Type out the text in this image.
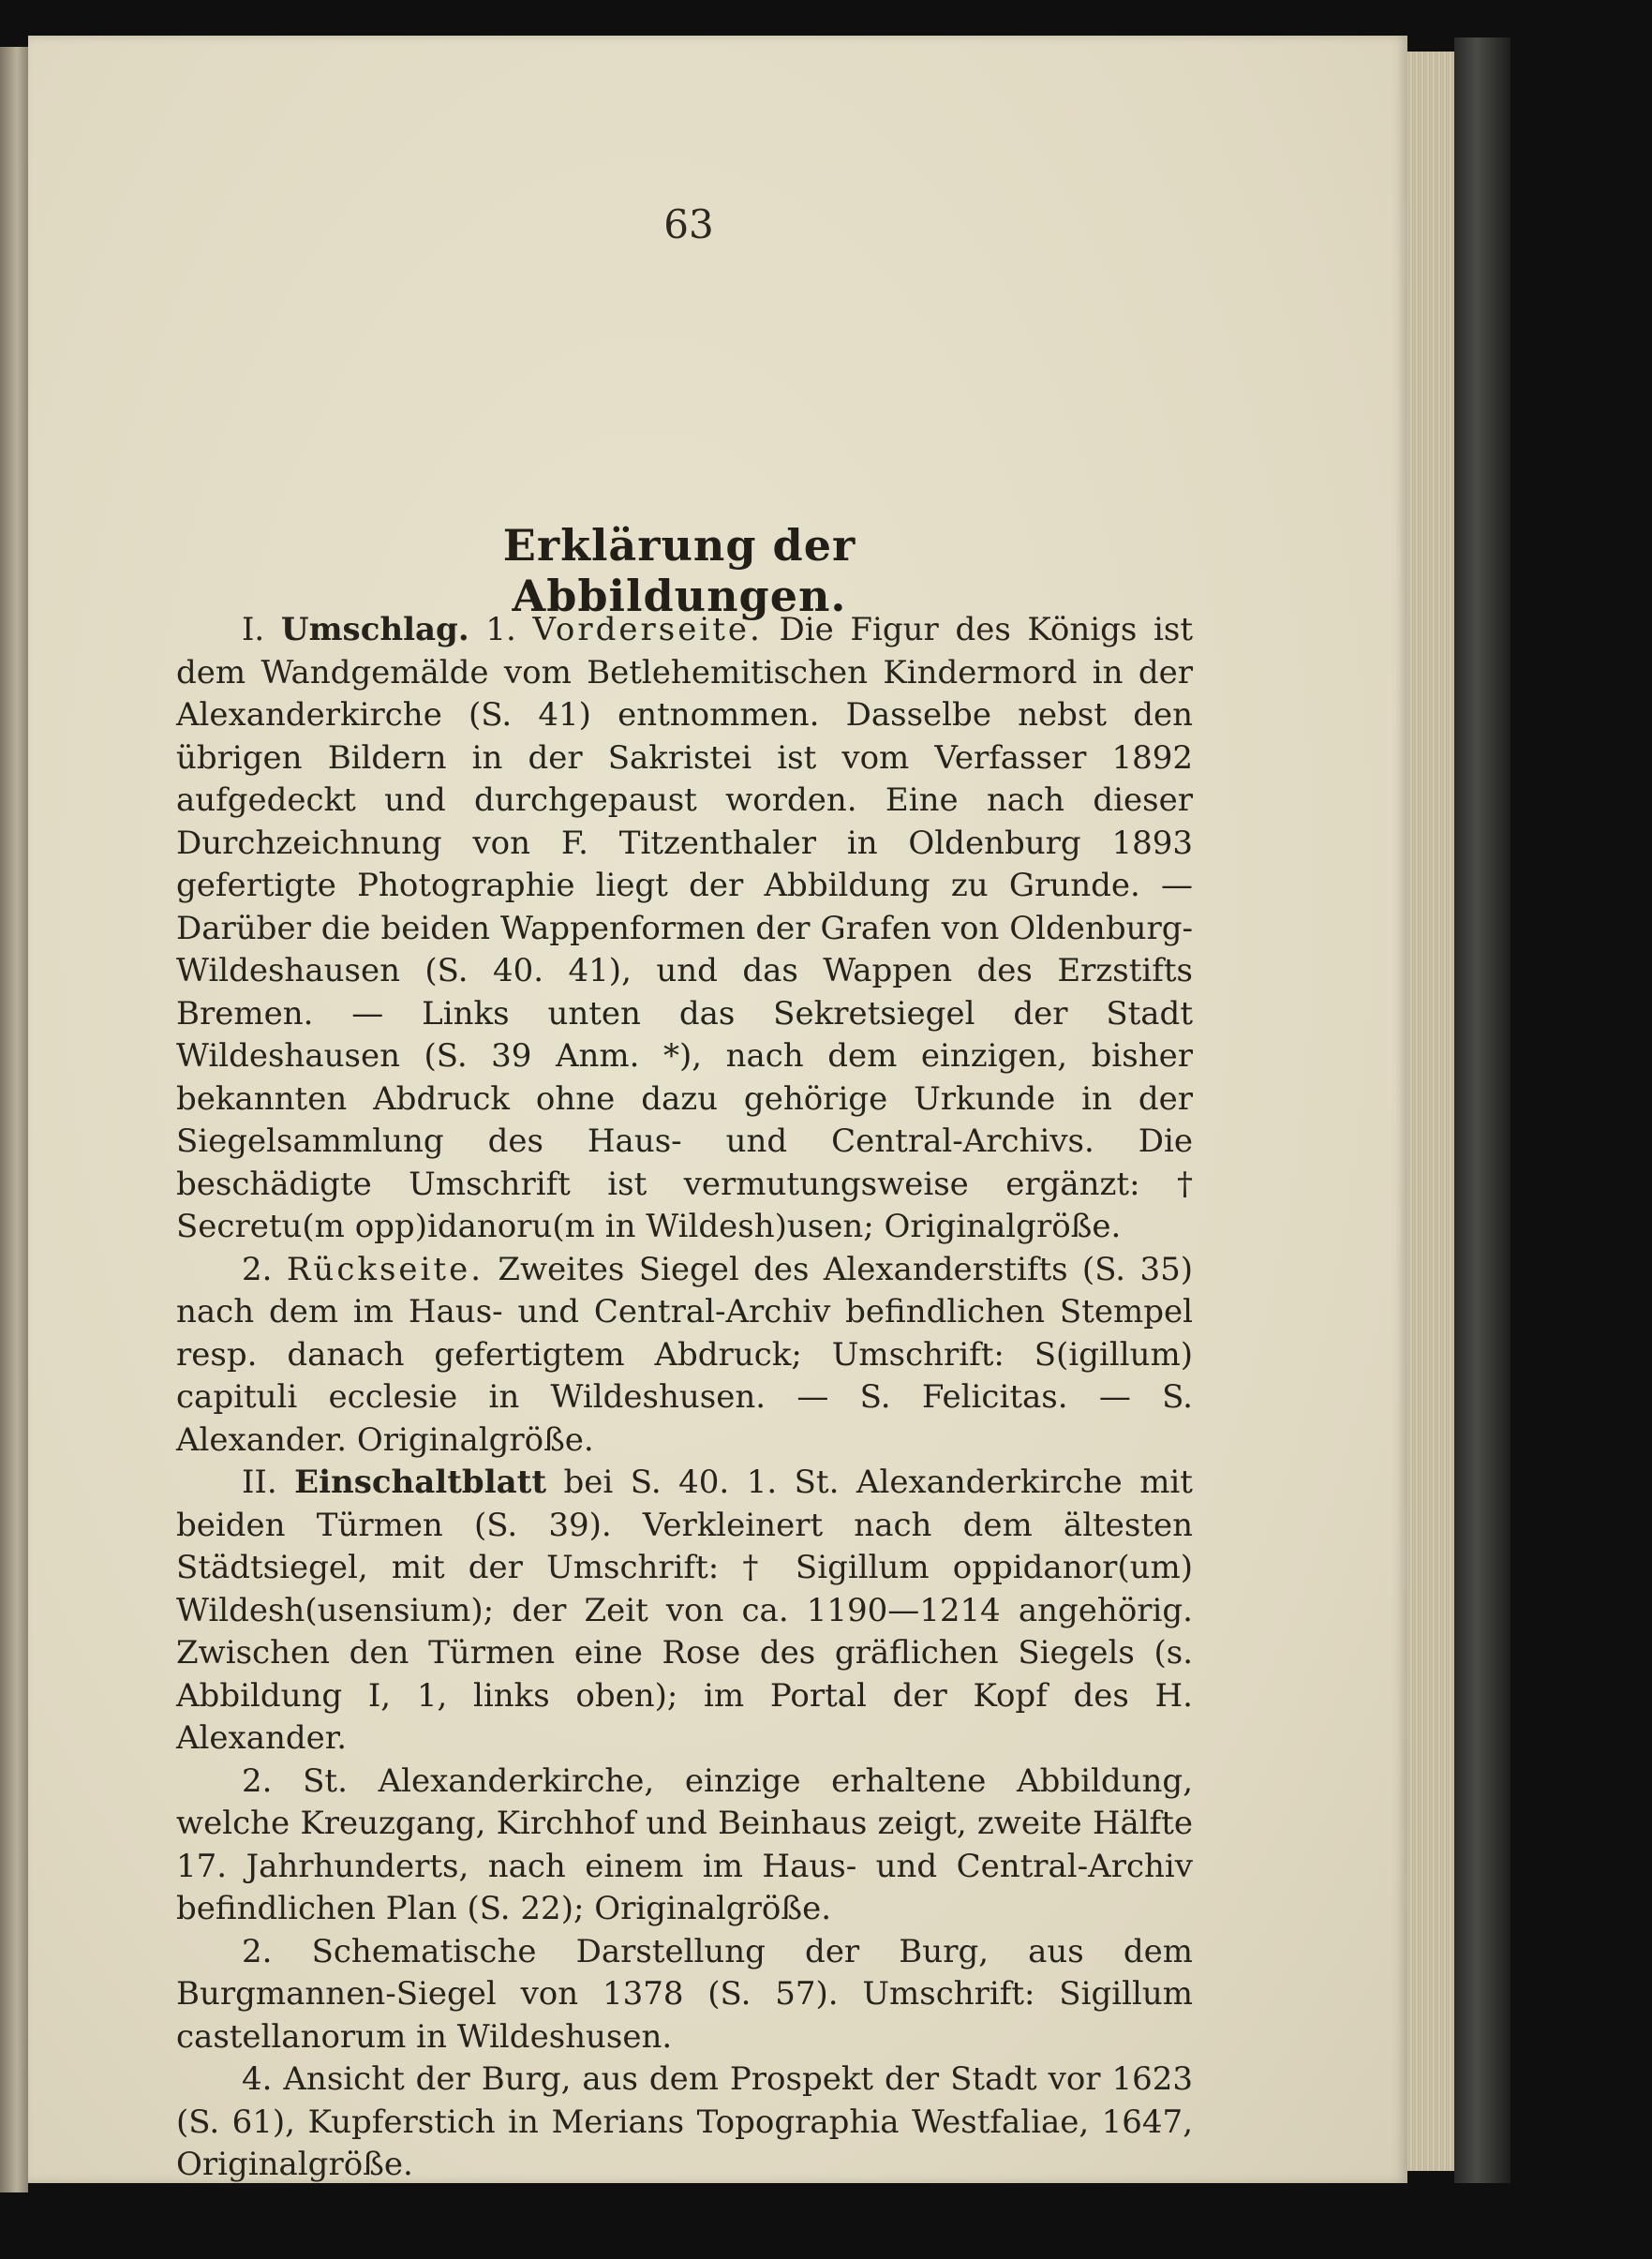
63
Erklärung der Abbildungen.

I. Umschlag. 1. Vorderseite. Die Figur des Königs ist dem Wandgemälde vom Betlehemitischen Kindermord in der Alexanderkirche (S. 41) entnommen. Dasselbe nebst den übrigen Bildern in der Sakristei ist vom Verfasser 1892 aufgedeckt und durchgepaust worden. Eine nach dieser Durchzeichnung von F. Titzenthaler in Oldenburg 1893 gefertigte Photographie liegt der Abbildung zu Grunde. — Darüber die beiden Wappenformen der Grafen von Oldenburg-Wildeshausen (S. 40. 41), und das Wappen des Erzstifts Bremen. — Links unten das Sekretsiegel der Stadt Wildeshausen (S. 39 Anm. *), nach dem einzigen, bisher bekannten Abdruck ohne dazu gehörige Urkunde in der Siegelsammlung des Haus- und Central-Archivs. Die beschädigte Umschrift ist vermutungsweise ergänzt: † Secretu(m opp)idanoru(m in Wildesh)usen; Originalgröße.

2. Rückseite. Zweites Siegel des Alexanderstifts (S. 35) nach dem im Haus- und Central-Archiv befindlichen Stempel resp. danach gefertigtem Abdruck; Umschrift: S(igillum) capituli ecclesie in Wildeshusen. — S. Felicitas. — S. Alexander. Originalgröße.

II. Einschaltblatt bei S. 40. 1. St. Alexanderkirche mit beiden Türmen (S. 39). Verkleinert nach dem ältesten Städtsiegel, mit der Umschrift: † Sigillum oppidanor(um) Wildesh(usensium); der Zeit von ca. 1190—1214 angehörig. Zwischen den Türmen eine Rose des gräflichen Siegels (s. Abbildung I, 1, links oben); im Portal der Kopf des H. Alexander.

2. St. Alexanderkirche, einzige erhaltene Abbildung, welche Kreuzgang, Kirchhof und Beinhaus zeigt, zweite Hälfte 17. Jahrhunderts, nach einem im Haus- und Central-Archiv befindlichen Plan (S. 22); Originalgröße.

2. Schematische Darstellung der Burg, aus dem Burgmannen-Siegel von 1378 (S. 57). Umschrift: Sigillum castellanorum in Wildeshusen.

4. Ansicht der Burg, aus dem Prospekt der Stadt vor 1623 (S. 61), Kupferstich in Merians Topographia Westfaliae, 1647, Originalgröße.
